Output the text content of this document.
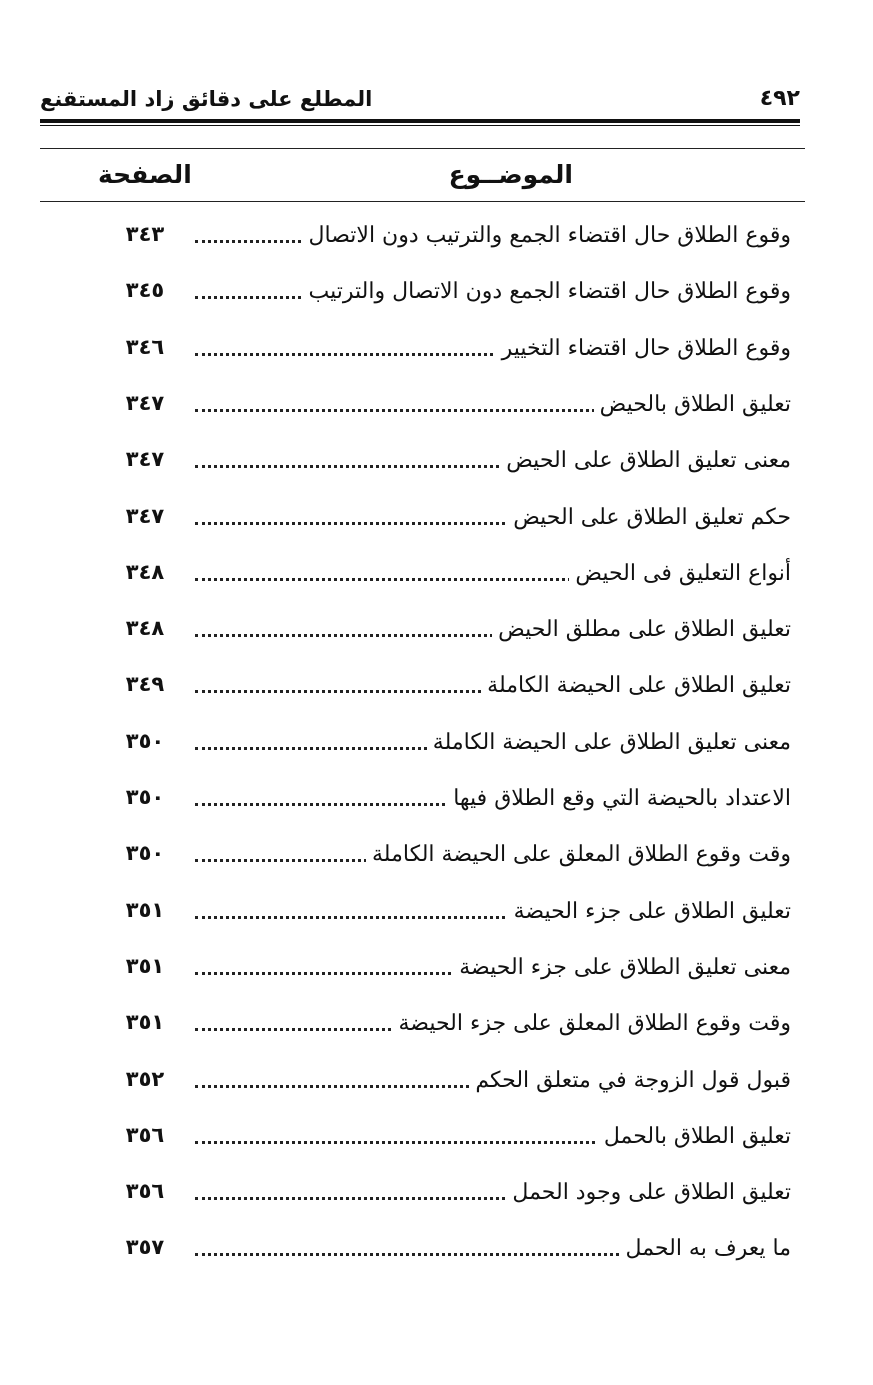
المطلع على دقائق زاد المستقنع	٤٩٢
الموضــوع
الصفحة
وقوع الطلاق حال اقتضاء الجمع والترتيب دون الاتصال
٣٤٣
وقوع الطلاق حال اقتضاء الجمع دون الاتصال والترتيب
٣٤٥
وقوع الطلاق حال اقتضاء التخيير
٣٤٦
تعليق الطلاق بالحيض
٣٤٧
معنى تعليق الطلاق على الحيض
٣٤٧
حكم تعليق الطلاق على الحيض
٣٤٧
أنواع التعليق فى الحيض
٣٤٨
تعليق الطلاق على مطلق الحيض
٣٤٨
تعليق الطلاق على الحيضة الكاملة
٣٤٩
معنى تعليق الطلاق على الحيضة الكاملة
٣٥٠
الاعتداد بالحيضة التي وقع الطلاق فيها
٣٥٠
وقت وقوع الطلاق المعلق على الحيضة الكاملة
٣٥٠
تعليق الطلاق على جزء الحيضة
٣٥١
معنى تعليق الطلاق على جزء الحيضة
٣٥١
وقت وقوع الطلاق المعلق على جزء الحيضة
٣٥١
قبول قول الزوجة في متعلق الحكم
٣٥٢
تعليق الطلاق بالحمل
٣٥٦
تعليق الطلاق على وجود الحمل
٣٥٦
ما يعرف به الحمل
٣٥٧
